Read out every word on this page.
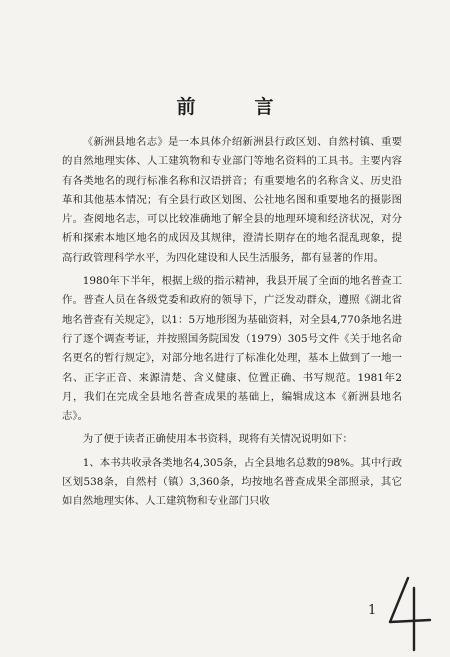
前　言

《新洲县地名志》是一本具体介绍新洲县行政区划、自然村镇、重要的自然地理实体、人工建筑物和专业部门等地名资料的工具书。主要内容有各类地名的现行标准名称和汉语拼音；有重要地名的名称含义、历史沿革和其他基本情况；有全县行政区划图、公社地名图和重要地名的摄影图片。查阅地名志，可以比较准确地了解全县的地理环境和经济状况，对分析和探索本地区地名的成因及其规律，澄清长期存在的地名混乱现象，提高行政管理科学水平，为四化建设和人民生活服务，都有显著的作用。

1980年下半年，根据上级的指示精神，我县开展了全面的地名普查工作。普查人员在各级党委和政府的领导下，广泛发动群众，遵照《湖北省地名普查有关规定》，以1：5万地形图为基础资料，对全县4,770条地名进行了逐个调查考证，并按照国务院国发（1979）305号文件《关于地名命名更名的暂行规定》，对部分地名进行了标准化处理，基本上做到了一地一名、正字正音、来源清楚、含义健康、位置正确、书写规范。1981年2月，我们在完成全县地名普查成果的基础上，编辑成这本《新洲县地名志》。

为了便于读者正确使用本书资料，现将有关情况说明如下：

1、本书共收录各类地名4,305条，占全县地名总数的98%。其中行政区划538条，自然村（镇）3,360条，均按地名普查成果全部照录，其它如自然地理实体、人工建筑物和专业部门只收

1
